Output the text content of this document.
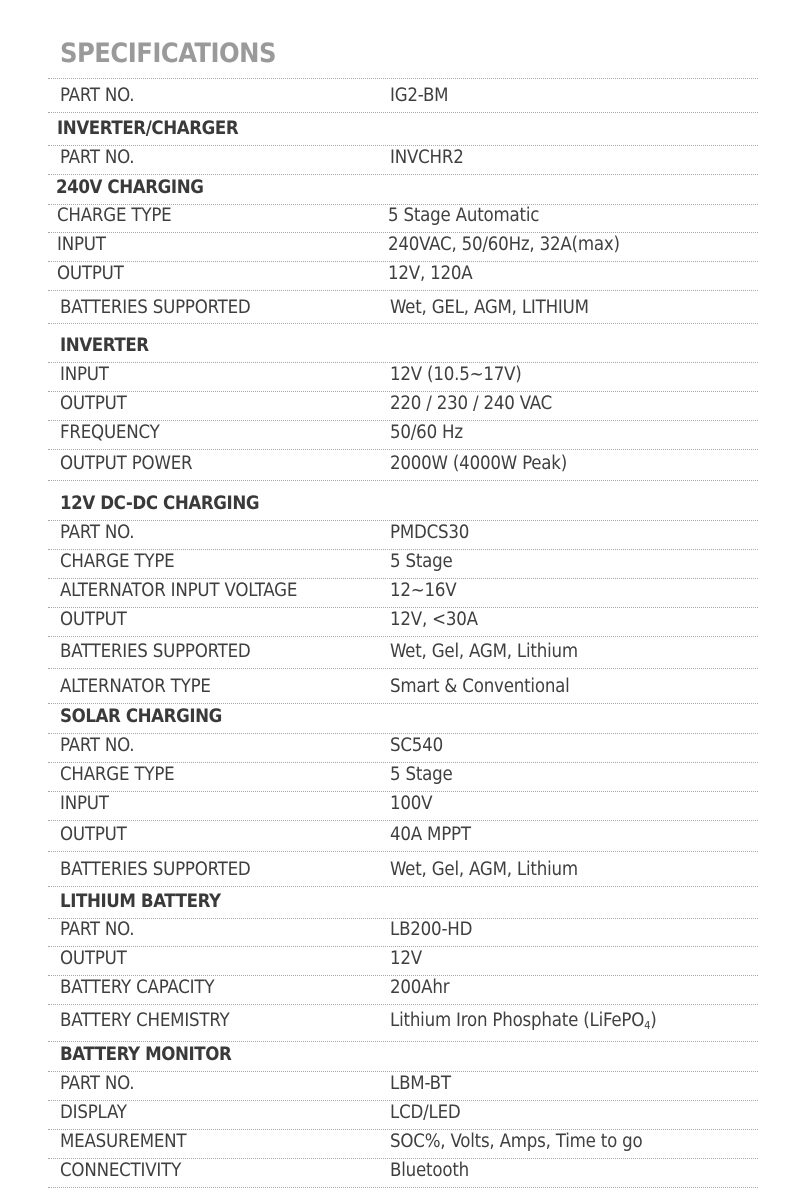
SPECIFICATIONS
PART NO.	IG2-BM
INVERTER/CHARGER
PART NO.	INVCHR2
240V CHARGING
CHARGE TYPE	5 Stage Automatic
INPUT	240VAC, 50/60Hz, 32A(max)
OUTPUT	12V, 120A
BATTERIES SUPPORTED	Wet, GEL, AGM, LITHIUM
INVERTER
INPUT	12V (10.5~17V)
OUTPUT	220 / 230 / 240 VAC
FREQUENCY	50/60 Hz
OUTPUT POWER	2000W (4000W Peak)
12V DC-DC CHARGING
PART NO.	PMDCS30
CHARGE TYPE	5 Stage
ALTERNATOR INPUT VOLTAGE	12~16V
OUTPUT	12V, <30A
BATTERIES SUPPORTED	Wet, Gel, AGM, Lithium
ALTERNATOR TYPE	Smart & Conventional
SOLAR CHARGING
PART NO.	SC540
CHARGE TYPE	5 Stage
INPUT	100V
OUTPUT	40A MPPT
BATTERIES SUPPORTED	Wet, Gel, AGM, Lithium
LITHIUM BATTERY
PART NO.	LB200-HD
OUTPUT	12V
BATTERY CAPACITY	200Ahr
BATTERY CHEMISTRY	Lithium Iron Phosphate (LiFePO$_4$)
BATTERY MONITOR
PART NO.	LBM-BT
DISPLAY	LCD/LED
MEASUREMENT	SOC%, Volts, Amps, Time to go
CONNECTIVITY	Bluetooth
